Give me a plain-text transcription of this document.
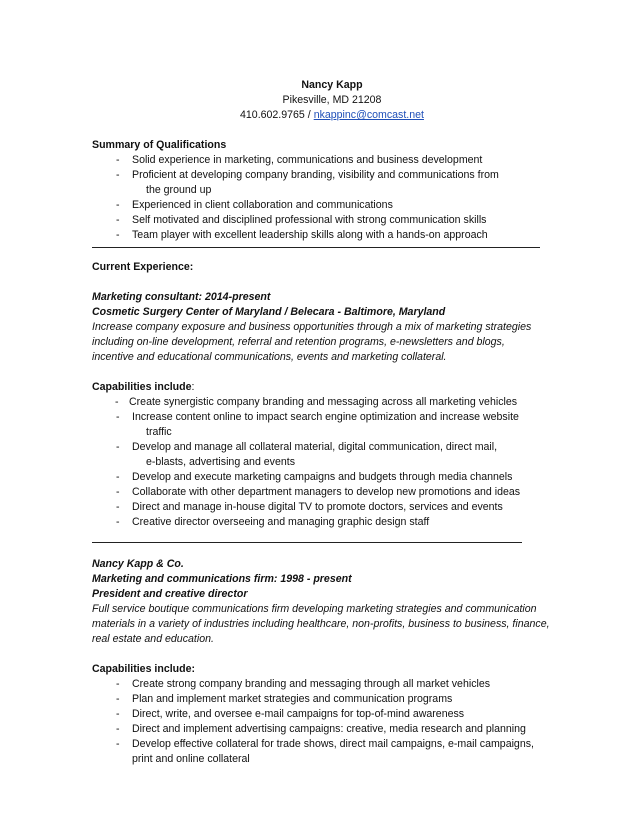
Nancy Kapp
Pikesville, MD 21208
410.602.9765 / nkappinc@comcast.net
Summary of Qualifications
- Solid experience in marketing, communications and business development
- Proficient at developing company branding, visibility and communications from
the ground up
- Experienced in client collaboration and communications
- Self motivated and disciplined professional with strong communication skills
- Team player with excellent leadership skills along with a hands-on approach
Current Experience:
Marketing consultant: 2014-present
Cosmetic Surgery Center of Maryland / Belecara - Baltimore, Maryland
Increase company exposure and business opportunities through a mix of marketing strategies
including on-line development, referral and retention programs, e-newsletters and blogs,
incentive and educational communications, events and marketing collateral.
Capabilities include:
- Create synergistic company branding and messaging across all marketing vehicles
- Increase content online to impact search engine optimization and increase website
traffic
- Develop and manage all collateral material, digital communication, direct mail,
e-blasts, advertising and events
- Develop and execute marketing campaigns and budgets through media channels
- Collaborate with other department managers to develop new promotions and ideas
- Direct and manage in-house digital TV to promote doctors, services and events
- Creative director overseeing and managing graphic design staff
Nancy Kapp & Co.
Marketing and communications firm: 1998 - present
President and creative director
Full service boutique communications firm developing marketing strategies and communication
materials in a variety of industries including healthcare, non-profits, business to business, finance,
real estate and education.
Capabilities include:
- Create strong company branding and messaging through all market vehicles
- Plan and implement market strategies and communication programs
- Direct, write, and oversee e-mail campaigns for top-of-mind awareness
- Direct and implement advertising campaigns: creative, media research and planning
- Develop effective collateral for trade shows, direct mail campaigns, e-mail campaigns,
print and online collateral
